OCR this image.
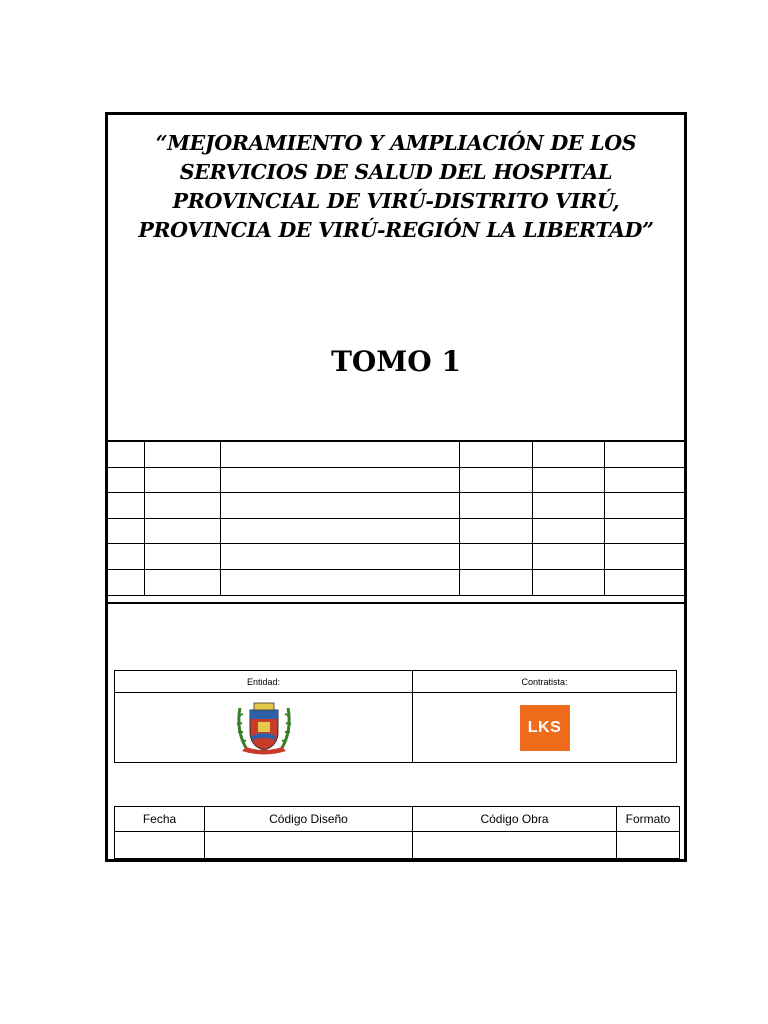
“MEJORAMIENTO Y AMPLIACIÓN DE LOS
SERVICIOS DE SALUD DEL HOSPITAL
PROVINCIAL DE VIRÚ-DISTRITO VIRÚ,
PROVINCIA DE VIRÚ-REGIÓN LA LIBERTAD”
TOMO 1

Entidad:	Contratista:
	LKS
Fecha	Código Diseño	Código Obra	Formato
